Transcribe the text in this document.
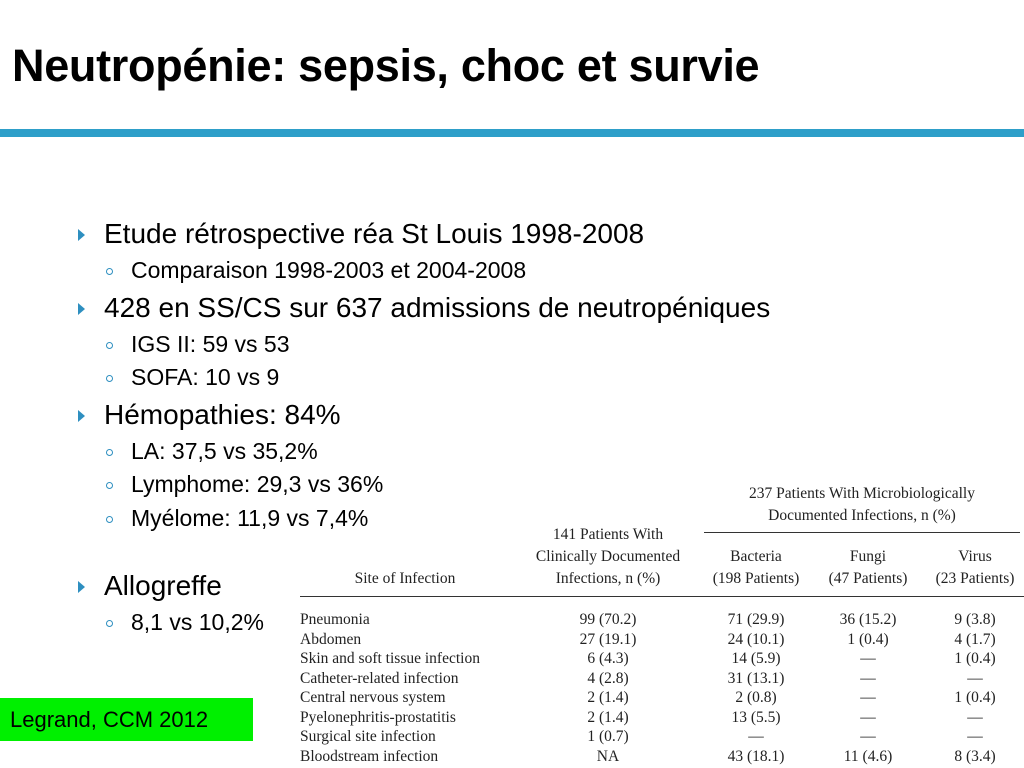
Neutropénie: sepsis, choc et survie
Etude rétrospective réa St Louis 1998-2008
Comparaison 1998-2003 et 2004-2008
428 en SS/CS sur 637 admissions de neutropéniques
IGS II: 59 vs 53
SOFA: 10 vs 9
Hémopathies: 84%
LA: 37,5 vs 35,2%
Lymphome: 29,3 vs 36%
Myélome: 11,9 vs 7,4%
Allogreffe
8,1 vs 10,2%
237 Patients With Microbiologically
Documented Infections, n (%)
141 Patients With
Clinically Documented
Infections, n (%)
Site of Infection
Bacteria
(198 Patients)
Fungi
(47 Patients)
Virus
(23 Patients)
Pneumonia	99 (70.2)	71 (29.9)	36 (15.2)	9 (3.8)
Abdomen	27 (19.1)	24 (10.1)	1 (0.4)	4 (1.7)
Skin and soft tissue infection	6 (4.3)	14 (5.9)	—	1 (0.4)
Catheter-related infection	4 (2.8)	31 (13.1)	—	—
Central nervous system	2 (1.4)	2 (0.8)	—	1 (0.4)
Pyelonephritis-prostatitis	2 (1.4)	13 (5.5)	—	—
Surgical site infection	1 (0.7)	—	—	—
Bloodstream infection	NA	43 (18.1)	11 (4.6)	8 (3.4)
Legrand, CCM 2012
